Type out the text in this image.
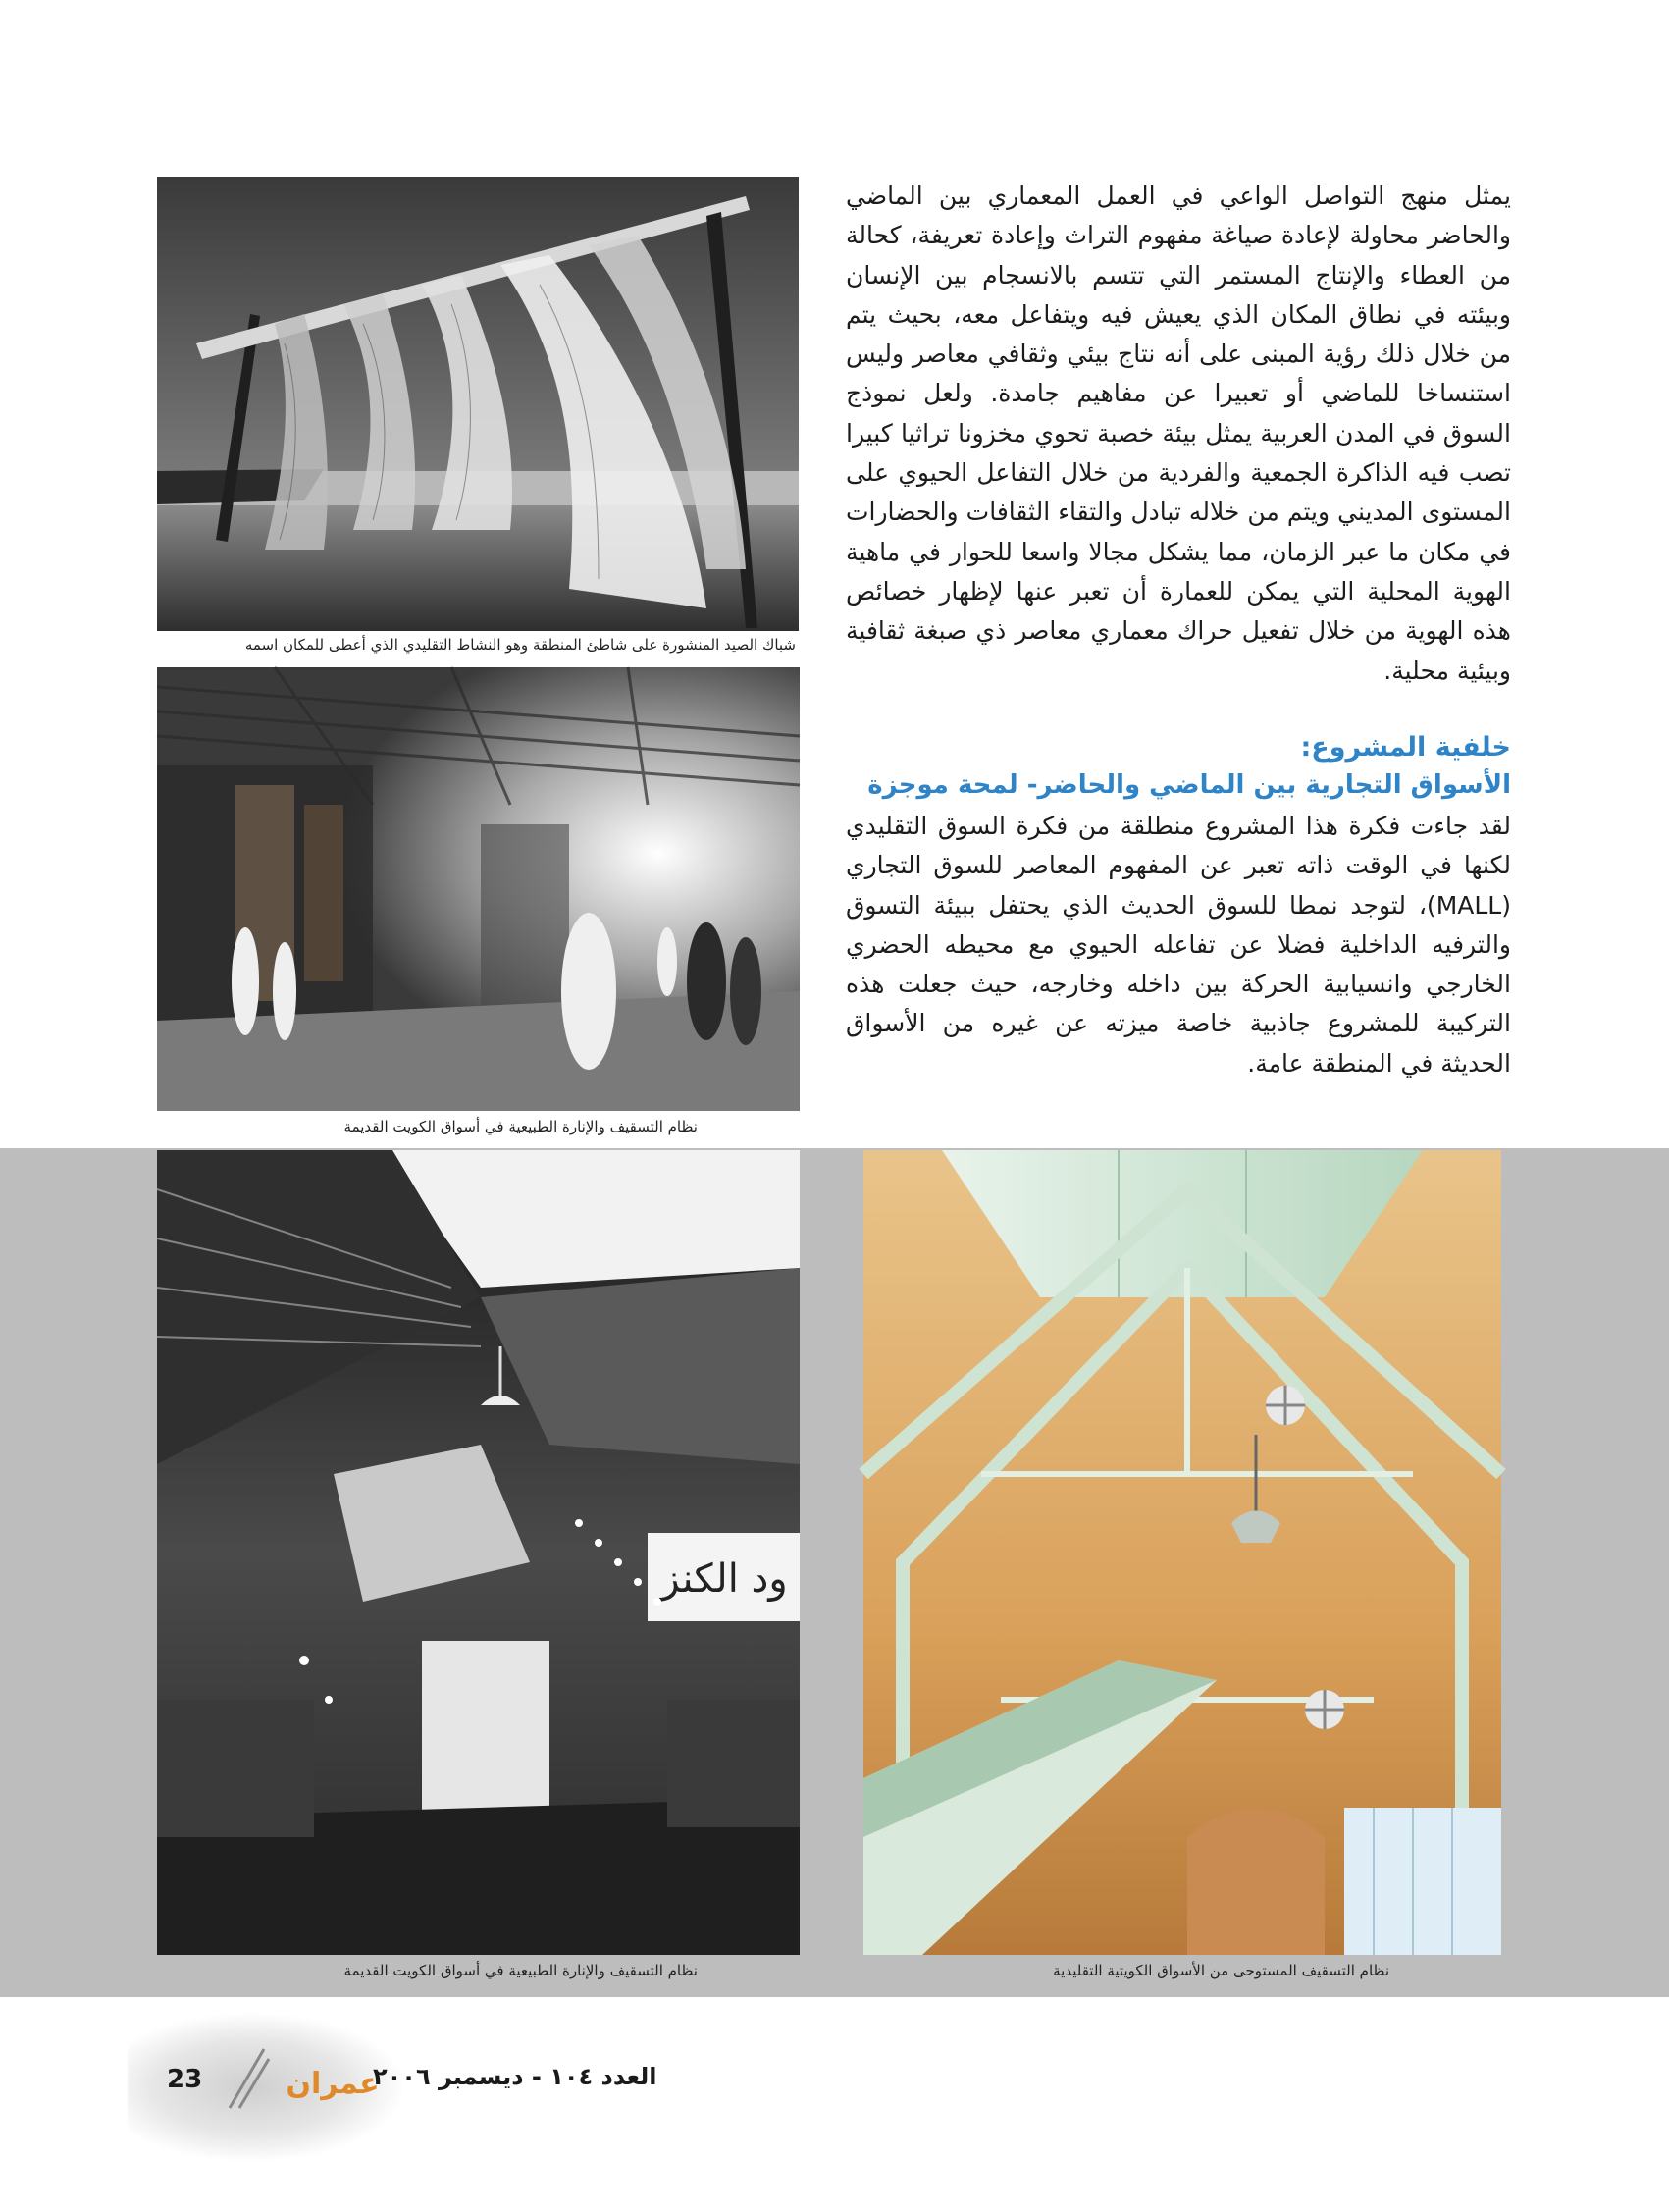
شباك الصيد المنشورة على شاطئ المنطقة وهو النشاط التقليدي الذي أعطى للمكان اسمه
نظام التسقيف والإنارة الطبيعية في أسواق الكويت القديمة
يمثل منهج التواصل الواعي في العمل المعماري بين الماضي والحاضر محاولة لإعادة صياغة مفهوم التراث وإعادة تعريفة، كحالة من العطاء والإنتاج المستمر التي تتسم بالانسجام بين الإنسان وبيئته في نطاق المكان الذي يعيش فيه ويتفاعل معه، بحيث يتم من خلال ذلك رؤية المبنى على أنه نتاج بيئي وثقافي معاصر وليس استنساخا للماضي أو تعبيرا عن مفاهيم جامدة. ولعل نموذج السوق في المدن العربية يمثل بيئة خصبة تحوي مخزونا تراثيا كبيرا تصب فيه الذاكرة الجمعية والفردية من خلال التفاعل الحيوي على المستوى المديني ويتم من خلاله تبادل والتقاء الثقافات والحضارات في مكان ما عبر الزمان، مما يشكل مجالا واسعا للحوار في ماهية الهوية المحلية التي يمكن للعمارة أن تعبر عنها لإظهار خصائص هذه الهوية من خلال تفعيل حراك معماري معاصر ذي صبغة ثقافية وبيئية محلية.
خلفية المشروع:
الأسواق التجارية بين الماضي والحاضر- لمحة موجزة
لقد جاءت فكرة هذا المشروع منطلقة من فكرة السوق التقليدي لكنها في الوقت ذاته تعبر عن المفهوم المعاصر للسوق التجاري (MALL)، لتوجد نمطا للسوق الحديث الذي يحتفل ببيئة التسوق والترفيه الداخلية فضلا عن تفاعله الحيوي مع محيطه الحضري الخارجي وانسيابية الحركة بين داخله وخارجه، حيث جعلت هذه التركيبة للمشروع جاذبية خاصة ميزته عن غيره من الأسواق الحديثة في المنطقة عامة.
ود الكنز
نظام التسقيف والإنارة الطبيعية في أسواق الكويت القديمة	نظام التسقيف المستوحى من الأسواق الكويتية التقليدية
23	عمران
العدد ١٠٤ - ديسمبر ٢٠٠٦
